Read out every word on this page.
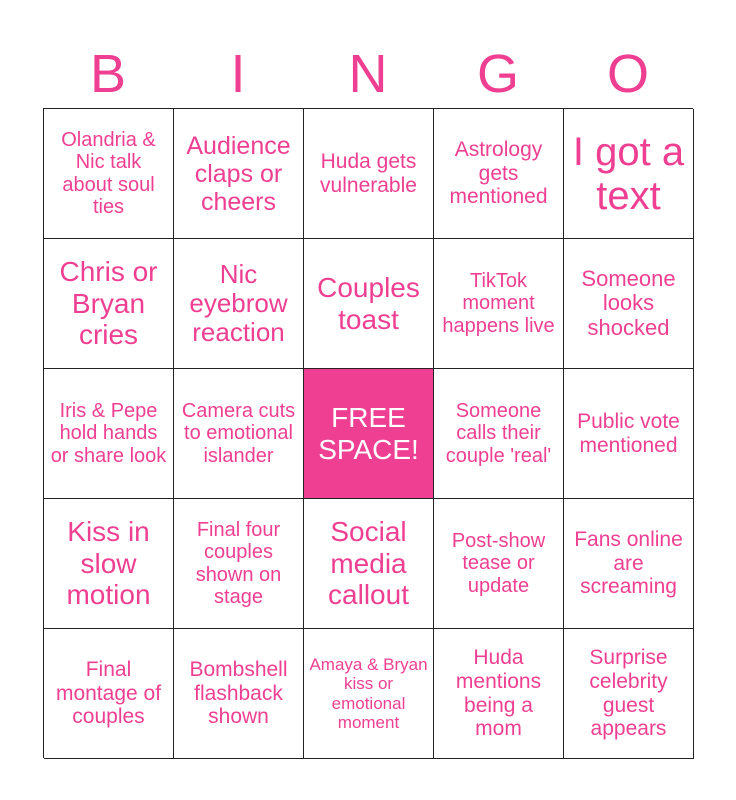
B	I	N	G	O
Olandria & Nic talk about soul ties
Audience claps or cheers
Huda gets vulnerable
Astrology gets mentioned
I got a text
Chris or Bryan cries
Nic eyebrow reaction
Couples toast
TikTok moment happens live
Someone looks shocked
Iris & Pepe hold hands or share look
Camera cuts to emotional islander
FREE SPACE!
Someone calls their couple 'real'
Public vote mentioned
Kiss in slow motion
Final four couples shown on stage
Social media callout
Post-show tease or update
Fans online are screaming
Final montage of couples
Bombshell flashback shown
Amaya & Bryan kiss or emotional moment
Huda mentions being a mom
Surprise celebrity guest appears
